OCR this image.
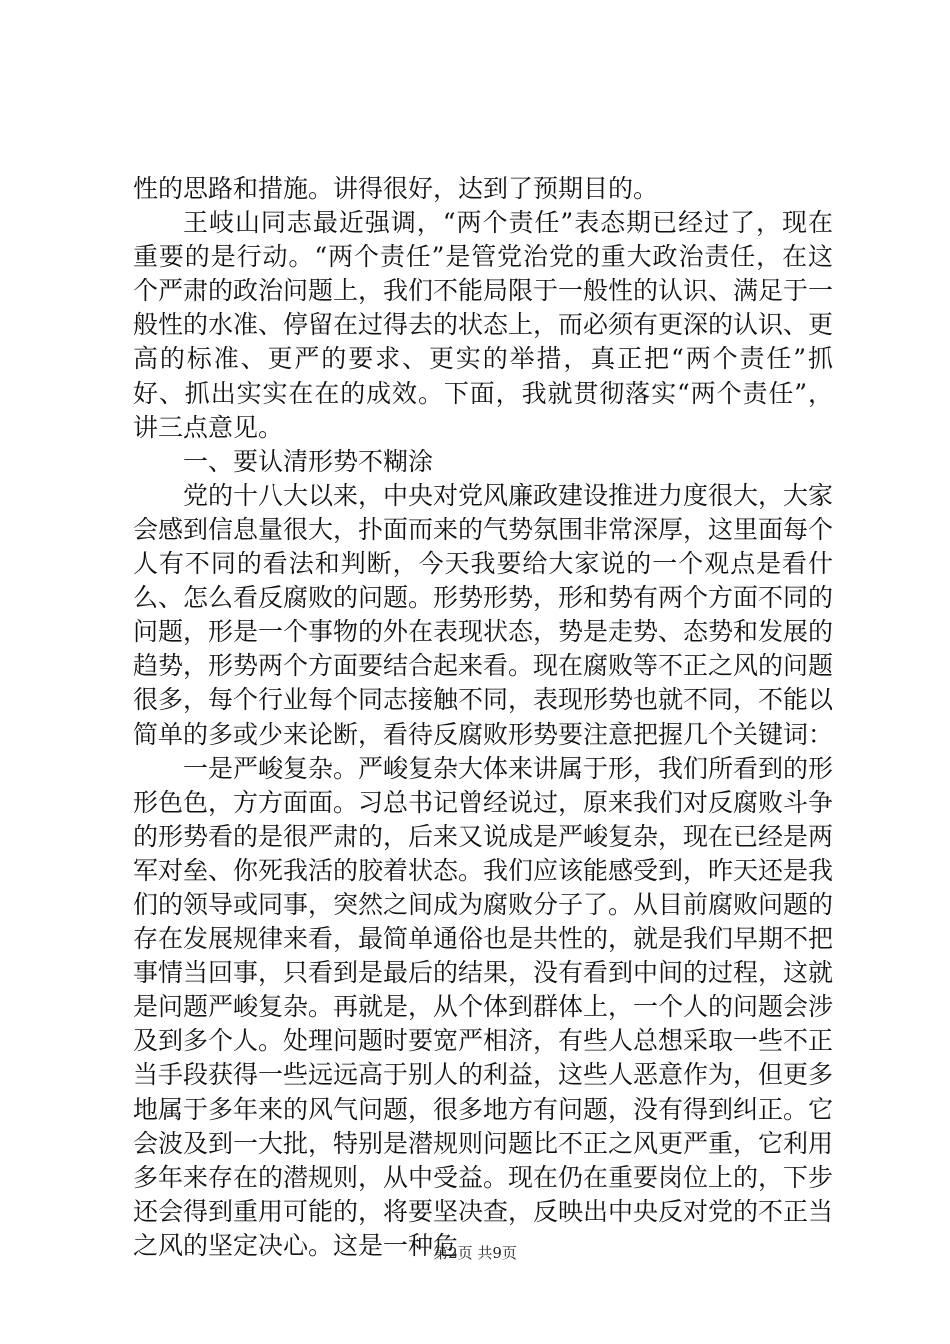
性的思路和措施。讲得很好，达到了预期目的。

王岐山同志最近强调，“两个责任”表态期已经过了，现在重要的是行动。“两个责任”是管党治党的重大政治责任，在这个严肃的政治问题上，我们不能局限于一般性的认识、满足于一般性的水准、停留在过得去的状态上，而必须有更深的认识、更高的标准、更严的要求、更实的举措，真正把“两个责任”抓好、抓出实实在在的成效。下面，我就贯彻落实“两个责任”，讲三点意见。

一、要认清形势不糊涂

党的十八大以来，中央对党风廉政建设推进力度很大，大家会感到信息量很大，扑面而来的气势氛围非常深厚，这里面每个人有不同的看法和判断，今天我要给大家说的一个观点是看什么、怎么看反腐败的问题。形势形势，形和势有两个方面不同的问题，形是一个事物的外在表现状态，势是走势、态势和发展的趋势，形势两个方面要结合起来看。现在腐败等不正之风的问题很多，每个行业每个同志接触不同，表现形势也就不同，不能以简单的多或少来论断，看待反腐败形势要注意把握几个关键词：

一是严峻复杂。严峻复杂大体来讲属于形，我们所看到的形形色色，方方面面。习总书记曾经说过，原来我们对反腐败斗争的形势看的是很严肃的，后来又说成是严峻复杂，现在已经是两军对垒、你死我活的胶着状态。我们应该能感受到，昨天还是我们的领导或同事，突然之间成为腐败分子了。从目前腐败问题的存在发展规律来看，最简单通俗也是共性的，就是我们早期不把事情当回事，只看到是最后的结果，没有看到中间的过程，这就是问题严峻复杂。再就是，从个体到群体上，一个人的问题会涉及到多个人。处理问题时要宽严相济，有些人总想采取一些不正当手段获得一些远远高于别人的利益，这些人恶意作为，但更多地属于多年来的风气问题，很多地方有问题，没有得到纠正。它会波及到一大批，特别是潜规则问题比不正之风更严重，它利用多年来存在的潜规则，从中受益。现在仍在重要岗位上的，下步还会得到重用可能的，将要坚决查，反映出中央反对党的不正当之风的坚定决心。这是一种危

第2页 共9页
